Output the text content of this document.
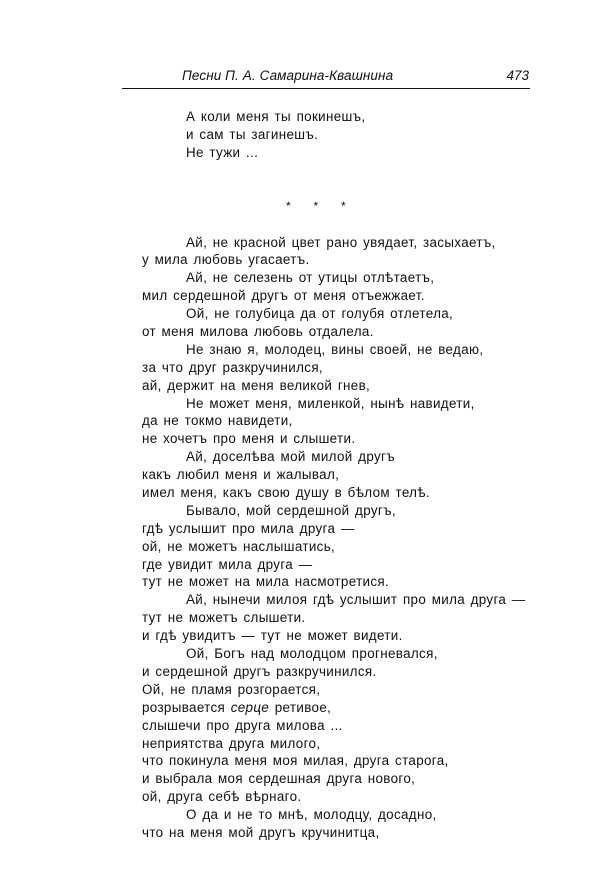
Песни П. А. Самарина-Квашнина	473
А коли меня ты покинешъ,
и сам ты загинешъ.
Не тужи ...
* * *
Ай, не красной цвет рано увядает, засыхаетъ,
у мила любовь угасаетъ.
Ай, не селезень от утицы отлѣтаетъ,
мил сердешной другъ от меня отъежжает.
Ой, не голубица да от голубя отлетела,
от меня милова любовь отдалела.
Не знаю я, молодец, вины своей, не ведаю,
за что друг разкручинился,
ай, держит на меня великой гнев,
Не может меня, миленкой, нынѣ навидети,
да не токмо навидети,
не хочетъ про меня и слышети.
Ай, доселѣва мой милой другъ
какъ любил меня и жалывал,
имел меня, какъ свою душу в бѣлом телѣ.
Бывало, мой сердешной другъ,
гдѣ услышит про мила друга —
ой, не можетъ наслышатись,
где увидит мила друга —
тут не может на мила насмотретися.
Ай, нынечи милоя гдѣ услышит про мила друга —
тут не можетъ слышети.
и гдѣ увидитъ — тут не может видети.
Ой, Богъ над молодцом прогневался,
и сердешной другъ разкручинился.
Ой, не пламя розгорается,
розрывается серце ретивое,
слышечи про друга милова ...
неприятства друга милого,
что покинула меня моя милая, друга старога,
и выбрала моя сердешная друга нового,
ой, друга себѣ вѣрнаго.
О да и не то мнѣ, молодцу, досадно,
что на меня мой другъ кручинитца,
